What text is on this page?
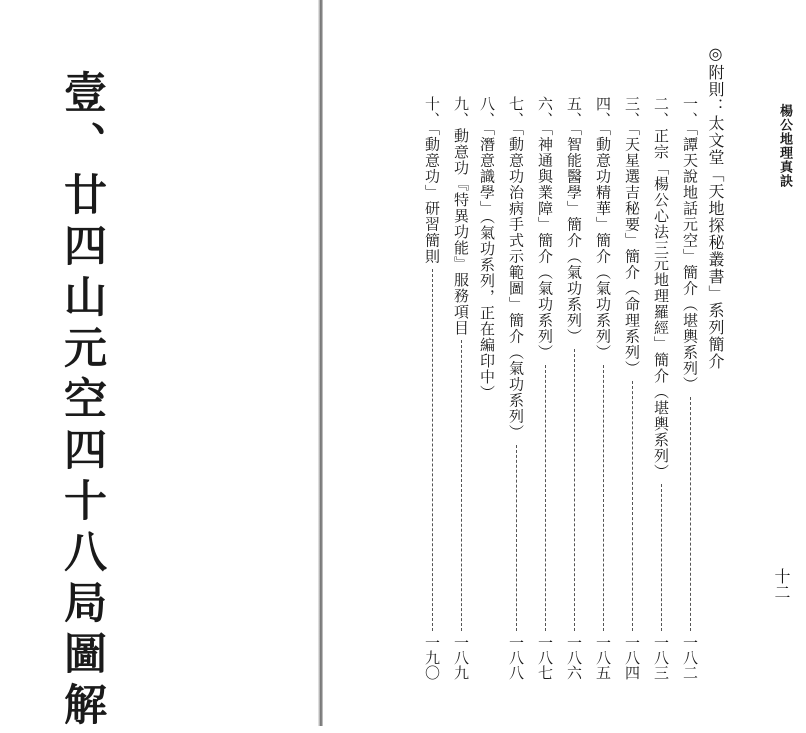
壹、廿四山元空四十八局圖解	楊公地理真訣
十二
◎附則：太文堂「天地探秘叢書」系列簡介
一、「譚天說地話元空」簡介（堪輿系列）
一八二
二、正宗「楊公心法三元地理羅經」簡介（堪輿系列）
一八三
三、「天星選吉秘要」簡介（命理系列）
一八四
四、「動意功精華」簡介（氣功系列）
一八五
五、「智能醫學」簡介（氣功系列）
一八六
六、「神通與業障」簡介（氣功系列）
一八七
七、「動意功治病手式示範圖」簡介（氣功系列）
一八八
八、「潛意識學」（氣功系列，正在編印中）
九、動意功『特異功能』服務項目
一八九
十、「動意功」研習簡則
一九〇
